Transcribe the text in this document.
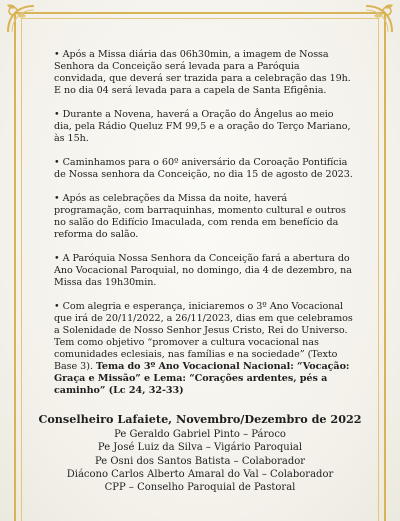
• Após a Missa diária das 06h30min, a imagem de Nossa Senhora da Conceição será levada para a Paróquia convidada, que deverá ser trazida para a celebração das 19h. E no dia 04 será levada para a capela de Santa Efigênia.

• Durante a Novena, haverá a Oração do Ângelus ao meio dia, pela Rádio Queluz FM 99,5 e a oração do Terço Mariano, às 15h.

• Caminhamos para o 60º aniversário da Coroação Pontifícia de Nossa senhora da Conceição, no dia 15 de agosto de 2023.

• Após as celebrações da Missa da noite, haverá programação, com barraquinhas, momento cultural e outros no salão do Edifício Imaculada, com renda em benefício da reforma do salão.

• A Paróquia Nossa Senhora da Conceição fará a abertura do Ano Vocacional Paroquial, no domingo, dia 4 de dezembro, na Missa das 19h30min.

• Com alegria e esperança, iniciaremos o 3º Ano Vocacional que irá de 20/11/2022, a 26/11/2023, dias em que celebramos a Solenidade de Nosso Senhor Jesus Cristo, Rei do Universo. Tem como objetivo “promover a cultura vocacional nas comunidades eclesiais, nas famílias e na sociedade” (Texto Base 3). Tema do 3º Ano Vocacional Nacional: “Vocação: Graça e Missão” e Lema: “Corações ardentes, pés a caminho” (Lc 24, 32-33)

Conselheiro Lafaiete, Novembro/Dezembro de 2022
Pe Geraldo Gabriel Pinto – Pároco
Pe José Luiz da Silva – Vigário Paroquial
Pe Osni dos Santos Batista – Colaborador
Diácono Carlos Alberto Amaral do Val – Colaborador
CPP – Conselho Paroquial de Pastoral
